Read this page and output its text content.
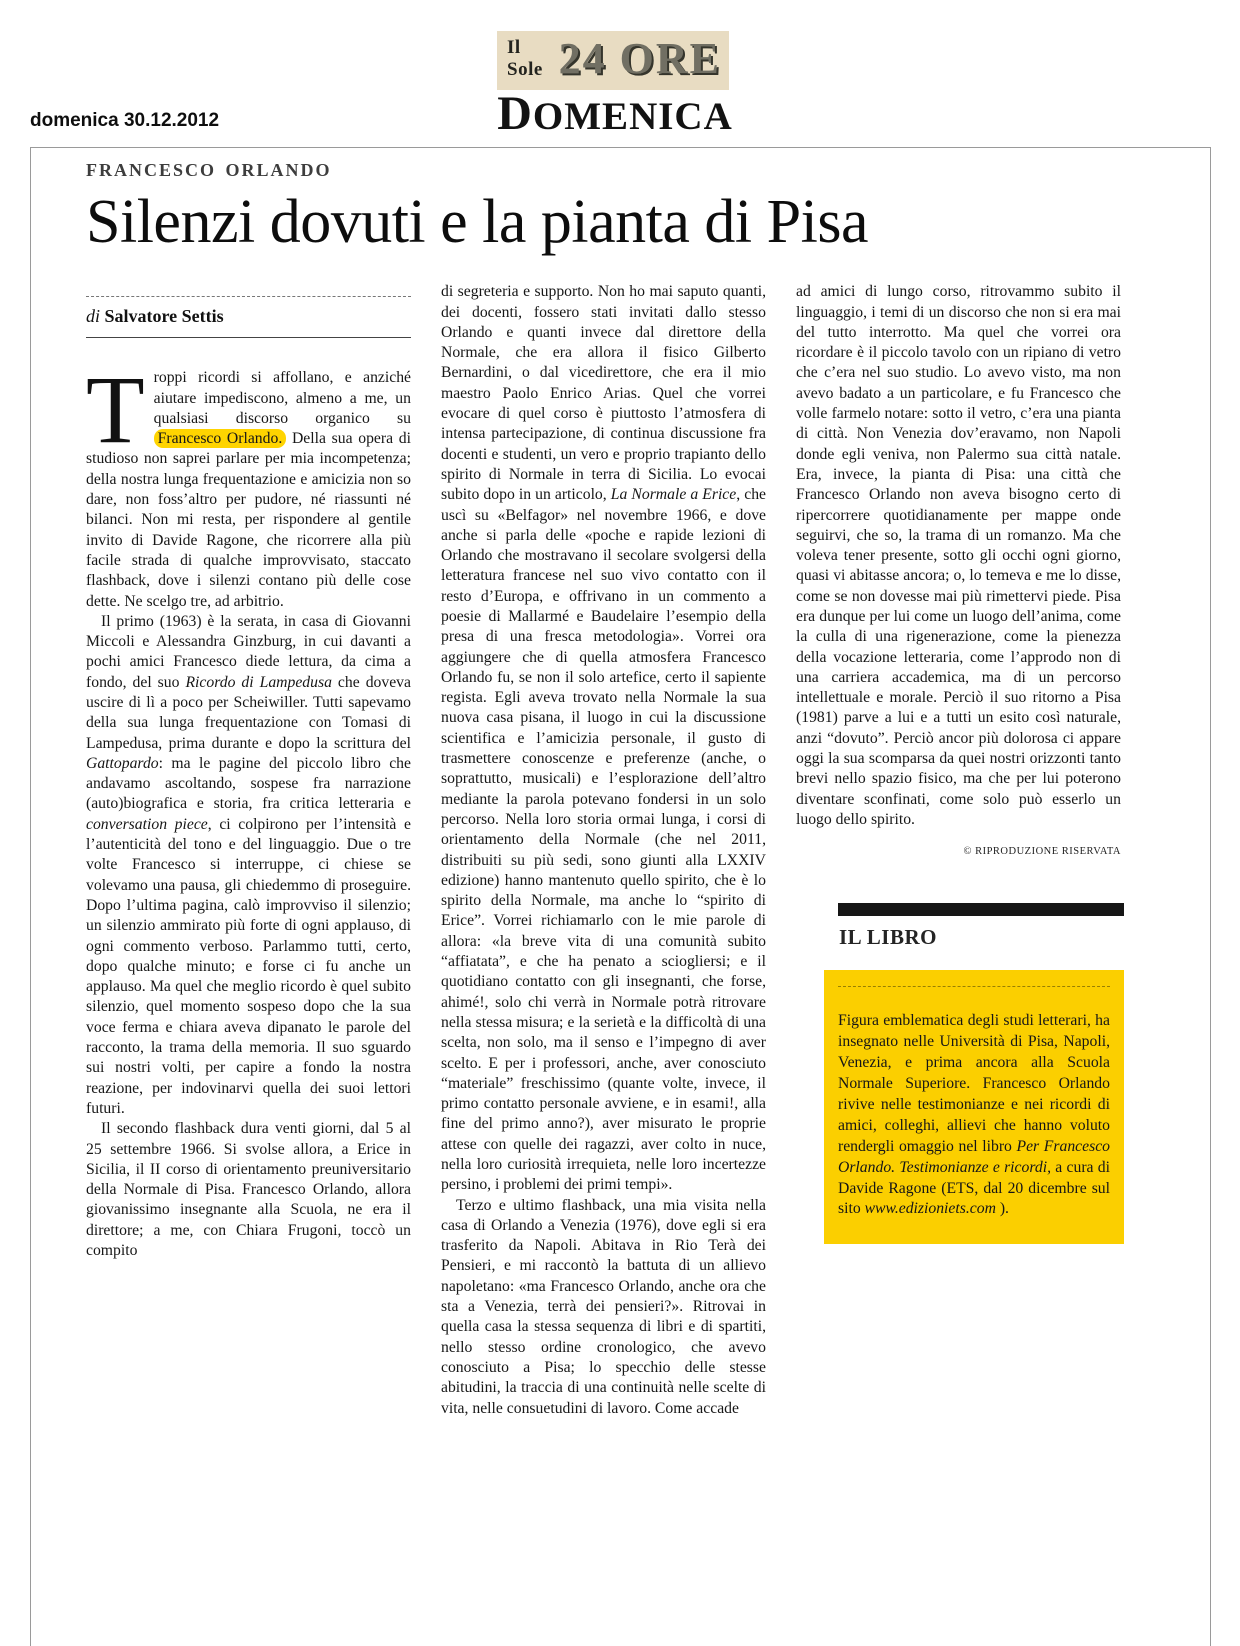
Il Sole 24 ORE
DOMENICA
domenica 30.12.2012
FRANCESCO ORLANDO
Silenzi dovuti e la pianta di Pisa
di Salvatore Settis

Troppi ricordi si affollano, e anziché aiutare impediscono, almeno a me, un qualsiasi discorso organico su Francesco Orlando. Della sua opera di studioso non saprei parlare per mia incompetenza; della nostra lunga frequentazione e amicizia non so dare, non foss’altro per pudore, né riassunti né bilanci. Non mi resta, per rispondere al gentile invito di Davide Ragone, che ricorrere alla più facile strada di qualche improvvisato, staccato flashback, dove i silenzi contano più delle cose dette. Ne scelgo tre, ad arbitrio.

Il primo (1963) è la serata, in casa di Giovanni Miccoli e Alessandra Ginzburg, in cui davanti a pochi amici Francesco diede lettura, da cima a fondo, del suo Ricordo di Lampedusa che doveva uscire di lì a poco per Scheiwiller. Tutti sapevamo della sua lunga frequentazione con Tomasi di Lampedusa, prima durante e dopo la scrittura del Gattopardo: ma le pagine del piccolo libro che andavamo ascoltando, sospese fra narrazione (auto)biografica e storia, fra critica letteraria e conversation piece, ci colpirono per l’intensità e l’autenticità del tono e del linguaggio. Due o tre volte Francesco si interruppe, ci chiese se volevamo una pausa, gli chiedemmo di proseguire. Dopo l’ultima pagina, calò improvviso il silenzio; un silenzio ammirato più forte di ogni applauso, di ogni commento verboso. Parlammo tutti, certo, dopo qualche minuto; e forse ci fu anche un applauso. Ma quel che meglio ricordo è quel subito silenzio, quel momento sospeso dopo che la sua voce ferma e chiara aveva dipanato le parole del racconto, la trama della memoria. Il suo sguardo sui nostri volti, per capire a fondo la nostra reazione, per indovinarvi quella dei suoi lettori futuri.

Il secondo flashback dura venti giorni, dal 5 al 25 settembre 1966. Si svolse allora, a Erice in Sicilia, il II corso di orientamento preuniversitario della Normale di Pisa. Francesco Orlando, allora giovanissimo insegnante alla Scuola, ne era il direttore; a me, con Chiara Frugoni, toccò un compito

di segreteria e supporto. Non ho mai saputo quanti, dei docenti, fossero stati invitati dallo stesso Orlando e quanti invece dal direttore della Normale, che era allora il fisico Gilberto Bernardini, o dal vicedirettore, che era il mio maestro Paolo Enrico Arias. Quel che vorrei evocare di quel corso è piuttosto l’atmosfera di intensa partecipazione, di continua discussione fra docenti e studenti, un vero e proprio trapianto dello spirito di Normale in terra di Sicilia. Lo evocai subito dopo in un articolo, La Normale a Erice, che uscì su «Belfagor» nel novembre 1966, e dove anche si parla delle «poche e rapide lezioni di Orlando che mostravano il secolare svolgersi della letteratura francese nel suo vivo contatto con il resto d’Europa, e offrivano in un commento a poesie di Mallarmé e Baudelaire l’esempio della presa di una fresca metodologia». Vorrei ora aggiungere che di quella atmosfera Francesco Orlando fu, se non il solo artefice, certo il sapiente regista. Egli aveva trovato nella Normale la sua nuova casa pisana, il luogo in cui la discussione scientifica e l’amicizia personale, il gusto di trasmettere conoscenze e preferenze (anche, o soprattutto, musicali) e l’esplorazione dell’altro mediante la parola potevano fondersi in un solo percorso. Nella loro storia ormai lunga, i corsi di orientamento della Normale (che nel 2011, distribuiti su più sedi, sono giunti alla LXXIV edizione) hanno mantenuto quello spirito, che è lo spirito della Normale, ma anche lo “spirito di Erice”. Vorrei richiamarlo con le mie parole di allora: «la breve vita di una comunità subito “affiatata”, e che ha penato a sciogliersi; e il quotidiano contatto con gli insegnanti, che forse, ahimé!, solo chi verrà in Normale potrà ritrovare nella stessa misura; e la serietà e la difficoltà di una scelta, non solo, ma il senso e l’impegno di aver scelto. E per i professori, anche, aver conosciuto “materiale” freschissimo (quante volte, invece, il primo contatto personale avviene, e in esami!, alla fine del primo anno?), aver misurato le proprie attese con quelle dei ragazzi, aver colto in nuce, nella loro curiosità irrequieta, nelle loro incertezze persino, i problemi dei primi tempi».

Terzo e ultimo flashback, una mia visita nella casa di Orlando a Venezia (1976), dove egli si era trasferito da Napoli. Abitava in Rio Terà dei Pensieri, e mi raccontò la battuta di un allievo napoletano: «ma Francesco Orlando, anche ora che sta a Venezia, terrà dei pensieri?». Ritrovai in quella casa la stessa sequenza di libri e di spartiti, nello stesso ordine cronologico, che avevo conosciuto a Pisa; lo specchio delle stesse abitudini, la traccia di una continuità nelle scelte di vita, nelle consuetudini di lavoro. Come accade

ad amici di lungo corso, ritrovammo subito il linguaggio, i temi di un discorso che non si era mai del tutto interrotto. Ma quel che vorrei ora ricordare è il piccolo tavolo con un ripiano di vetro che c’era nel suo studio. Lo avevo visto, ma non avevo badato a un particolare, e fu Francesco che volle farmelo notare: sotto il vetro, c’era una pianta di città. Non Venezia dov’eravamo, non Napoli donde egli veniva, non Palermo sua città natale. Era, invece, la pianta di Pisa: una città che Francesco Orlando non aveva bisogno certo di ripercorrere quotidianamente per mappe onde seguirvi, che so, la trama di un romanzo. Ma che voleva tener presente, sotto gli occhi ogni giorno, quasi vi abitasse ancora; o, lo temeva e me lo disse, come se non dovesse mai più rimettervi piede. Pisa era dunque per lui come un luogo dell’anima, come la culla di una rigenerazione, come la pienezza della vocazione letteraria, come l’approdo non di una carriera accademica, ma di un percorso intellettuale e morale. Perciò il suo ritorno a Pisa (1981) parve a lui e a tutti un esito così naturale, anzi “dovuto”. Perciò ancor più dolorosa ci appare oggi la sua scomparsa da quei nostri orizzonti tanto brevi nello spazio fisico, ma che per lui poterono diventare sconfinati, come solo può esserlo un luogo dello spirito.

© RIPRODUZIONE RISERVATA
IL LIBRO

Figura emblematica degli studi letterari, ha insegnato nelle Università di Pisa, Napoli, Venezia, e prima ancora alla Scuola Normale Superiore. Francesco Orlando rivive nelle testimonianze e nei ricordi di amici, colleghi, allievi che hanno voluto rendergli omaggio nel libro Per Francesco Orlando. Testimonianze e ricordi, a cura di Davide Ragone (ETS, dal 20 dicembre sul sito www.edizioniets.com ).
